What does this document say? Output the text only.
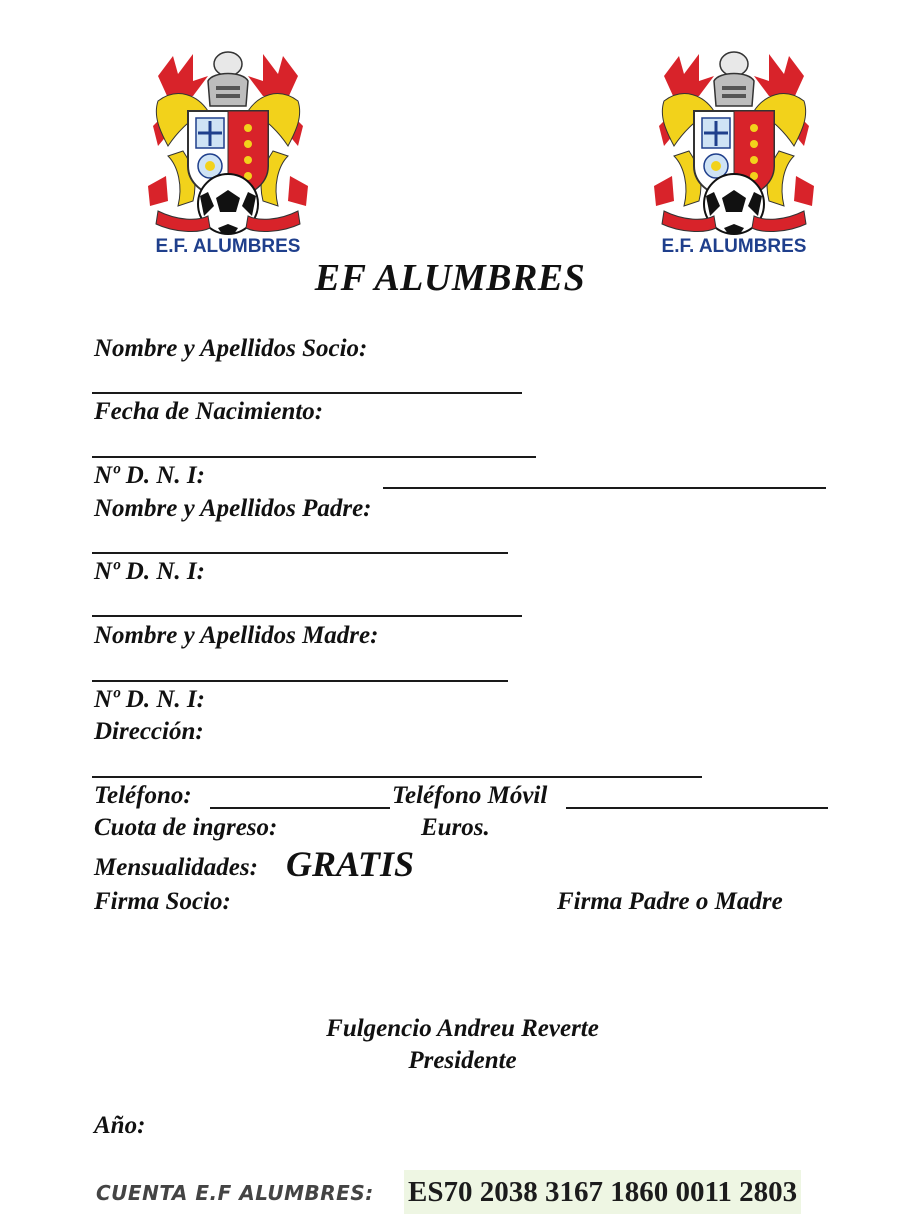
E.F. ALUMBRES	E.F. ALUMBRES
EF ALUMBRES
Nombre y Apellidos Socio:
Fecha de Nacimiento:
Nº D. N. I:
Nombre y Apellidos Padre:
Nº D. N. I:
Nombre y Apellidos Madre:
Nº D. N. I:
Dirección:
Teléfono:	Teléfono Móvil
Cuota de ingreso:	Euros.
Mensualidades: GRATIS
Firma Socio:	Firma Padre o Madre
Fulgencio Andreu Reverte
Presidente
Año:
CUENTA E.F ALUMBRES: ES70 2038 3167 1860 0011 2803
